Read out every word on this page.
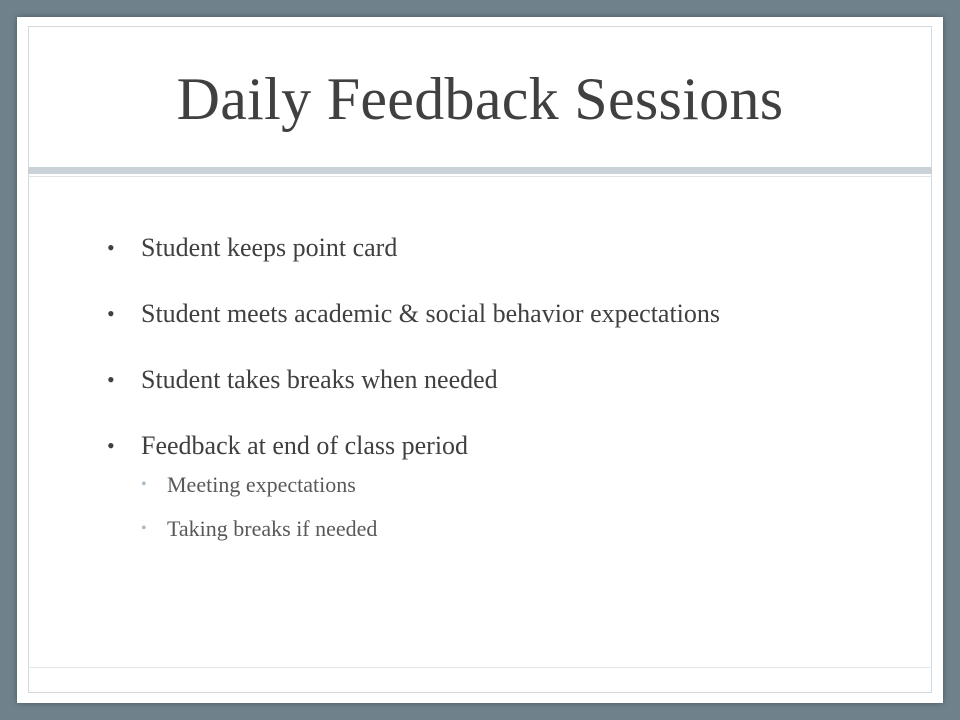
Daily Feedback Sessions
• Student keeps point card
• Student meets academic & social behavior expectations
• Student takes breaks when needed
• Feedback at end of class period
• Meeting expectations
• Taking breaks if needed
